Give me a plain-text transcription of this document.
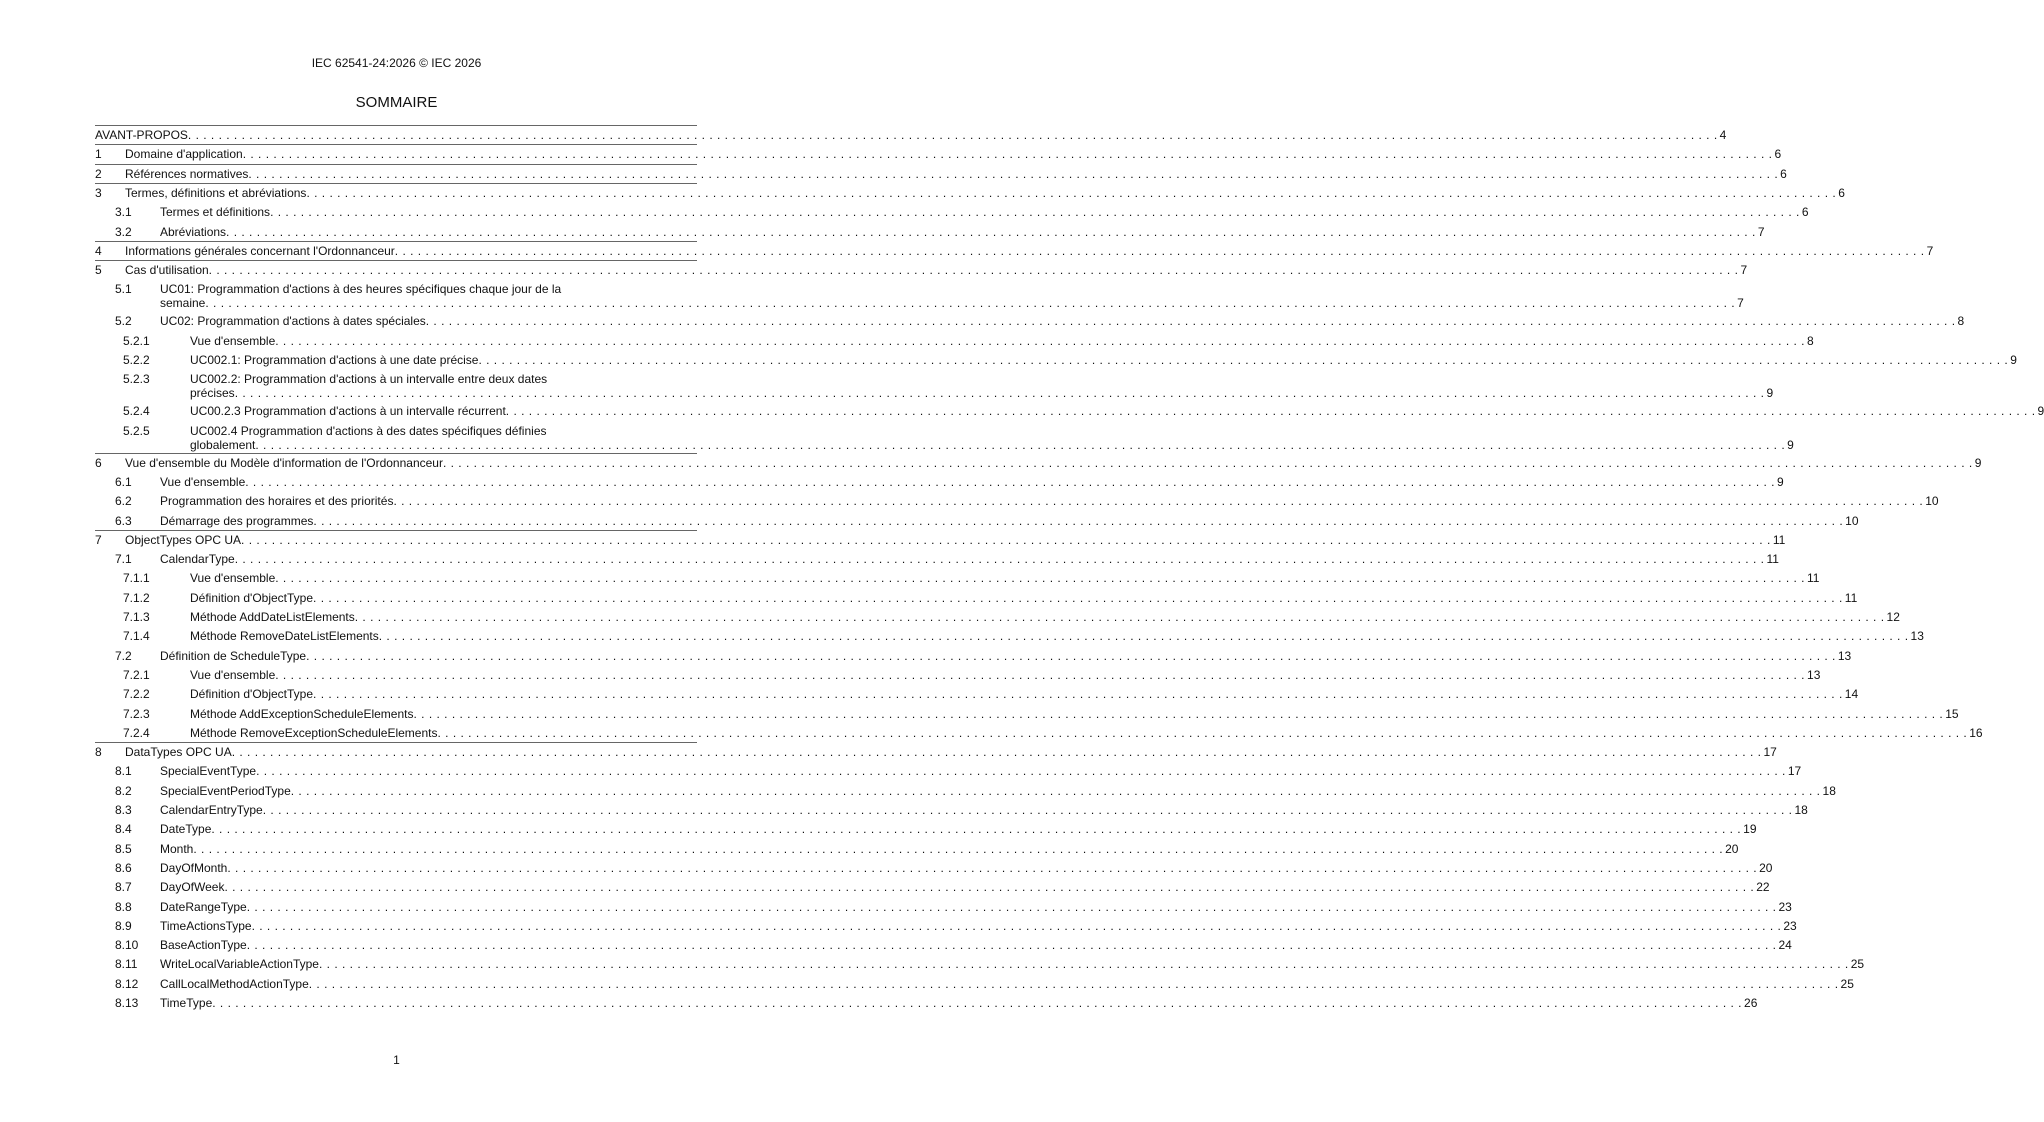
IEC 62541-24:2026 © IEC 2026
SOMMAIRE
AVANT-PROPOS . . . . . . . . . . . . . . . . . . . . . . . . . . . . . . . . . . . . . . . . . . . . . . . . . . . . . . . . . . . . . . . . . . . . . . . . . . . . . . . . . . . . . . . . . . . . . . . . . . . . . . . . . . . . . . . . . . . . . . . . . . . . . . . . . . . . . . . . . . . . . . . . . . . . . . . . . . . . . . . . . . . . . . . . . . . . . . . . . . . . . . . . . . . . . . . . . . . . . . . . 4
1 Domaine d'application . . . . . . . . . . . . . . . . . . . . . . . . . . . . . . . . . . . . . . . . . . . . . . . . . . . . . . . . . . . . . . . . . . . . . . . . . . . . . . . . . . . . . . . . . . . . . . . . . . . . . . . . . . . . . . . . . . . . . . . . . . . . . . . . . . . . . . . . . . . . . . . . . . . . . . . . . . . . . . . . . . . . . . . . . . . . . . . . . . . . . . . . . . . . . . . . . . . . . . . . 6
2 Références normatives . . . . . . . . . . . . . . . . . . . . . . . . . . . . . . . . . . . . . . . . . . . . . . . . . . . . . . . . . . . . . . . . . . . . . . . . . . . . . . . . . . . . . . . . . . . . . . . . . . . . . . . . . . . . . . . . . . . . . . . . . . . . . . . . . . . . . . . . . . . . . . . . . . . . . . . . . . . . . . . . . . . . . . . . . . . . . . . . . . . . . . . . . . . . . . . . . . . . . . . . 6
3 Termes, définitions et abréviations . . . . . . . . . . . . . . . . . . . . . . . . . . . . . . . . . . . . . . . . . . . . . . . . . . . . . . . . . . . . . . . . . . . . . . . . . . . . . . . . . . . . . . . . . . . . . . . . . . . . . . . . . . . . . . . . . . . . . . . . . . . . . . . . . . . . . . . . . . . . . . . . . . . . . . . . . . . . . . . . . . . . . . . . . . . . . . . . . . . . . . . . . . . . . . . . . . . . . . . . 6
3.1 Termes et définitions . . . . . . . . . . . . . . . . . . . . . . . . . . . . . . . . . . . . . . . . . . . . . . . . . . . . . . . . . . . . . . . . . . . . . . . . . . . . . . . . . . . . . . . . . . . . . . . . . . . . . . . . . . . . . . . . . . . . . . . . . . . . . . . . . . . . . . . . . . . . . . . . . . . . . . . . . . . . . . . . . . . . . . . . . . . . . . . . . . . . . . . . . . . . . . . . . . . . . . . . 6
3.2 Abréviations . . . . . . . . . . . . . . . . . . . . . . . . . . . . . . . . . . . . . . . . . . . . . . . . . . . . . . . . . . . . . . . . . . . . . . . . . . . . . . . . . . . . . . . . . . . . . . . . . . . . . . . . . . . . . . . . . . . . . . . . . . . . . . . . . . . . . . . . . . . . . . . . . . . . . . . . . . . . . . . . . . . . . . . . . . . . . . . . . . . . . . . . . . . . . . . . . . . . . . . . 7
4 Informations générales concernant l'Ordonnanceur . . . . . . . . . . . . . . . . . . . . . . . . . . . . . . . . . . . . . . . . . . . . . . . . . . . . . . . . . . . . . . . . . . . . . . . . . . . . . . . . . . . . . . . . . . . . . . . . . . . . . . . . . . . . . . . . . . . . . . . . . . . . . . . . . . . . . . . . . . . . . . . . . . . . . . . . . . . . . . . . . . . . . . . . . . . . . . . . . . . . . . . . . . . . . . . . . . . . . . . . 7
5 Cas d'utilisation . . . . . . . . . . . . . . . . . . . . . . . . . . . . . . . . . . . . . . . . . . . . . . . . . . . . . . . . . . . . . . . . . . . . . . . . . . . . . . . . . . . . . . . . . . . . . . . . . . . . . . . . . . . . . . . . . . . . . . . . . . . . . . . . . . . . . . . . . . . . . . . . . . . . . . . . . . . . . . . . . . . . . . . . . . . . . . . . . . . . . . . . . . . . . . . . . . . . . . . . 7
5.1 UC01: Programmation d'actions à des heures spécifiques chaque jour de la
semaine . . . . . . . . . . . . . . . . . . . . . . . . . . . . . . . . . . . . . . . . . . . . . . . . . . . . . . . . . . . . . . . . . . . . . . . . . . . . . . . . . . . . . . . . . . . . . . . . . . . . . . . . . . . . . . . . . . . . . . . . . . . . . . . . . . . . . . . . . . . . . . . . . . . . . . . . . . . . . . . . . . . . . . . . . . . . . . . . . . . . . . . . . . . . . . . . . . . . . . . . 7
5.2 UC02: Programmation d'actions à dates spéciales . . . . . . . . . . . . . . . . . . . . . . . . . . . . . . . . . . . . . . . . . . . . . . . . . . . . . . . . . . . . . . . . . . . . . . . . . . . . . . . . . . . . . . . . . . . . . . . . . . . . . . . . . . . . . . . . . . . . . . . . . . . . . . . . . . . . . . . . . . . . . . . . . . . . . . . . . . . . . . . . . . . . . . . . . . . . . . . . . . . . . . . . . . . . . . . . . . . . . . . . 8
5.2.1	Vue d'ensemble . . . . . . . . . . . . . . . . . . . . . . . . . . . . . . . . . . . . . . . . . . . . . . . . . . . . . . . . . . . . . . . . . . . . . . . . . . . . . . . . . . . . . . . . . . . . . . . . . . . . . . . . . . . . . . . . . . . . . . . . . . . . . . . . . . . . . . . . . . . . . . . . . . . . . . . . . . . . . . . . . . . . . . . . . . . . . . . . . . . . . . . . . . . . . . . . . . . . . . . . 8
5.2.2	UC002.1: Programmation d'actions à une date précise . . . . . . . . . . . . . . . . . . . . . . . . . . . . . . . . . . . . . . . . . . . . . . . . . . . . . . . . . . . . . . . . . . . . . . . . . . . . . . . . . . . . . . . . . . . . . . . . . . . . . . . . . . . . . . . . . . . . . . . . . . . . . . . . . . . . . . . . . . . . . . . . . . . . . . . . . . . . . . . . . . . . . . . . . . . . . . . . . . . . . . . . . . . . . . . . . . . . . . . . 9
5.2.3	UC002.2: Programmation d'actions à un intervalle entre deux dates
précises . . . . . . . . . . . . . . . . . . . . . . . . . . . . . . . . . . . . . . . . . . . . . . . . . . . . . . . . . . . . . . . . . . . . . . . . . . . . . . . . . . . . . . . . . . . . . . . . . . . . . . . . . . . . . . . . . . . . . . . . . . . . . . . . . . . . . . . . . . . . . . . . . . . . . . . . . . . . . . . . . . . . . . . . . . . . . . . . . . . . . . . . . . . . . . . . . . . . . . . . 9
5.2.4	UC00.2.3 Programmation d'actions à un intervalle récurrent . . . . . . . . . . . . . . . . . . . . . . . . . . . . . . . . . . . . . . . . . . . . . . . . . . . . . . . . . . . . . . . . . . . . . . . . . . . . . . . . . . . . . . . . . . . . . . . . . . . . . . . . . . . . . . . . . . . . . . . . . . . . . . . . . . . . . . . . . . . . . . . . . . . . . . . . . . . . . . . . . . . . . . . . . . . . . . . . . . . . . . . . . . . . . . . . . . . . . . . . 9
5.2.5	UC002.4 Programmation d'actions à des dates spécifiques définies
globalement . . . . . . . . . . . . . . . . . . . . . . . . . . . . . . . . . . . . . . . . . . . . . . . . . . . . . . . . . . . . . . . . . . . . . . . . . . . . . . . . . . . . . . . . . . . . . . . . . . . . . . . . . . . . . . . . . . . . . . . . . . . . . . . . . . . . . . . . . . . . . . . . . . . . . . . . . . . . . . . . . . . . . . . . . . . . . . . . . . . . . . . . . . . . . . . . . . . . . . . . 9
6 Vue d'ensemble du Modèle d'information de l'Ordonnanceur . . . . . . . . . . . . . . . . . . . . . . . . . . . . . . . . . . . . . . . . . . . . . . . . . . . . . . . . . . . . . . . . . . . . . . . . . . . . . . . . . . . . . . . . . . . . . . . . . . . . . . . . . . . . . . . . . . . . . . . . . . . . . . . . . . . . . . . . . . . . . . . . . . . . . . . . . . . . . . . . . . . . . . . . . . . . . . . . . . . . . . . . . . . . . . . . . . . . . . . . 9
6.1 Vue d'ensemble . . . . . . . . . . . . . . . . . . . . . . . . . . . . . . . . . . . . . . . . . . . . . . . . . . . . . . . . . . . . . . . . . . . . . . . . . . . . . . . . . . . . . . . . . . . . . . . . . . . . . . . . . . . . . . . . . . . . . . . . . . . . . . . . . . . . . . . . . . . . . . . . . . . . . . . . . . . . . . . . . . . . . . . . . . . . . . . . . . . . . . . . . . . . . . . . . . . . . . . . 9
6.2 Programmation des horaires et des priorités . . . . . . . . . . . . . . . . . . . . . . . . . . . . . . . . . . . . . . . . . . . . . . . . . . . . . . . . . . . . . . . . . . . . . . . . . . . . . . . . . . . . . . . . . . . . . . . . . . . . . . . . . . . . . . . . . . . . . . . . . . . . . . . . . . . . . . . . . . . . . . . . . . . . . . . . . . . . . . . . . . . . . . . . . . . . . . . . . . . . . . . . . . . . . . . . . . . . . . . . 10
6.3 Démarrage des programmes . . . . . . . . . . . . . . . . . . . . . . . . . . . . . . . . . . . . . . . . . . . . . . . . . . . . . . . . . . . . . . . . . . . . . . . . . . . . . . . . . . . . . . . . . . . . . . . . . . . . . . . . . . . . . . . . . . . . . . . . . . . . . . . . . . . . . . . . . . . . . . . . . . . . . . . . . . . . . . . . . . . . . . . . . . . . . . . . . . . . . . . . . . . . . . . . . . . . . . . . 10
7 ObjectTypes OPC UA . . . . . . . . . . . . . . . . . . . . . . . . . . . . . . . . . . . . . . . . . . . . . . . . . . . . . . . . . . . . . . . . . . . . . . . . . . . . . . . . . . . . . . . . . . . . . . . . . . . . . . . . . . . . . . . . . . . . . . . . . . . . . . . . . . . . . . . . . . . . . . . . . . . . . . . . . . . . . . . . . . . . . . . . . . . . . . . . . . . . . . . . . . . . . . . . . . . . . . . . 11
7.1 CalendarType . . . . . . . . . . . . . . . . . . . . . . . . . . . . . . . . . . . . . . . . . . . . . . . . . . . . . . . . . . . . . . . . . . . . . . . . . . . . . . . . . . . . . . . . . . . . . . . . . . . . . . . . . . . . . . . . . . . . . . . . . . . . . . . . . . . . . . . . . . . . . . . . . . . . . . . . . . . . . . . . . . . . . . . . . . . . . . . . . . . . . . . . . . . . . . . . . . . . . . . . 11
7.1.1	Vue d'ensemble . . . . . . . . . . . . . . . . . . . . . . . . . . . . . . . . . . . . . . . . . . . . . . . . . . . . . . . . . . . . . . . . . . . . . . . . . . . . . . . . . . . . . . . . . . . . . . . . . . . . . . . . . . . . . . . . . . . . . . . . . . . . . . . . . . . . . . . . . . . . . . . . . . . . . . . . . . . . . . . . . . . . . . . . . . . . . . . . . . . . . . . . . . . . . . . . . . . . . . . . 11
7.1.2	Définition d'ObjectType . . . . . . . . . . . . . . . . . . . . . . . . . . . . . . . . . . . . . . . . . . . . . . . . . . . . . . . . . . . . . . . . . . . . . . . . . . . . . . . . . . . . . . . . . . . . . . . . . . . . . . . . . . . . . . . . . . . . . . . . . . . . . . . . . . . . . . . . . . . . . . . . . . . . . . . . . . . . . . . . . . . . . . . . . . . . . . . . . . . . . . . . . . . . . . . . . . . . . . . . 11
7.1.3	Méthode AddDateListElements . . . . . . . . . . . . . . . . . . . . . . . . . . . . . . . . . . . . . . . . . . . . . . . . . . . . . . . . . . . . . . . . . . . . . . . . . . . . . . . . . . . . . . . . . . . . . . . . . . . . . . . . . . . . . . . . . . . . . . . . . . . . . . . . . . . . . . . . . . . . . . . . . . . . . . . . . . . . . . . . . . . . . . . . . . . . . . . . . . . . . . . . . . . . . . . . . . . . . . . . 12
7.1.4	Méthode RemoveDateListElements . . . . . . . . . . . . . . . . . . . . . . . . . . . . . . . . . . . . . . . . . . . . . . . . . . . . . . . . . . . . . . . . . . . . . . . . . . . . . . . . . . . . . . . . . . . . . . . . . . . . . . . . . . . . . . . . . . . . . . . . . . . . . . . . . . . . . . . . . . . . . . . . . . . . . . . . . . . . . . . . . . . . . . . . . . . . . . . . . . . . . . . . . . . . . . . . . . . . . . . . 13
7.2 Définition de ScheduleType . . . . . . . . . . . . . . . . . . . . . . . . . . . . . . . . . . . . . . . . . . . . . . . . . . . . . . . . . . . . . . . . . . . . . . . . . . . . . . . . . . . . . . . . . . . . . . . . . . . . . . . . . . . . . . . . . . . . . . . . . . . . . . . . . . . . . . . . . . . . . . . . . . . . . . . . . . . . . . . . . . . . . . . . . . . . . . . . . . . . . . . . . . . . . . . . . . . . . . . . 13
7.2.1	Vue d'ensemble . . . . . . . . . . . . . . . . . . . . . . . . . . . . . . . . . . . . . . . . . . . . . . . . . . . . . . . . . . . . . . . . . . . . . . . . . . . . . . . . . . . . . . . . . . . . . . . . . . . . . . . . . . . . . . . . . . . . . . . . . . . . . . . . . . . . . . . . . . . . . . . . . . . . . . . . . . . . . . . . . . . . . . . . . . . . . . . . . . . . . . . . . . . . . . . . . . . . . . . . 13
7.2.2	Définition d'ObjectType . . . . . . . . . . . . . . . . . . . . . . . . . . . . . . . . . . . . . . . . . . . . . . . . . . . . . . . . . . . . . . . . . . . . . . . . . . . . . . . . . . . . . . . . . . . . . . . . . . . . . . . . . . . . . . . . . . . . . . . . . . . . . . . . . . . . . . . . . . . . . . . . . . . . . . . . . . . . . . . . . . . . . . . . . . . . . . . . . . . . . . . . . . . . . . . . . . . . . . . . 14
7.2.3	Méthode AddExceptionScheduleElements . . . . . . . . . . . . . . . . . . . . . . . . . . . . . . . . . . . . . . . . . . . . . . . . . . . . . . . . . . . . . . . . . . . . . . . . . . . . . . . . . . . . . . . . . . . . . . . . . . . . . . . . . . . . . . . . . . . . . . . . . . . . . . . . . . . . . . . . . . . . . . . . . . . . . . . . . . . . . . . . . . . . . . . . . . . . . . . . . . . . . . . . . . . . . . . . . . . . . . . . 15
7.2.4	Méthode RemoveExceptionScheduleElements . . . . . . . . . . . . . . . . . . . . . . . . . . . . . . . . . . . . . . . . . . . . . . . . . . . . . . . . . . . . . . . . . . . . . . . . . . . . . . . . . . . . . . . . . . . . . . . . . . . . . . . . . . . . . . . . . . . . . . . . . . . . . . . . . . . . . . . . . . . . . . . . . . . . . . . . . . . . . . . . . . . . . . . . . . . . . . . . . . . . . . . . . . . . . . . . . . . . . . . . 16
8 DataTypes OPC UA . . . . . . . . . . . . . . . . . . . . . . . . . . . . . . . . . . . . . . . . . . . . . . . . . . . . . . . . . . . . . . . . . . . . . . . . . . . . . . . . . . . . . . . . . . . . . . . . . . . . . . . . . . . . . . . . . . . . . . . . . . . . . . . . . . . . . . . . . . . . . . . . . . . . . . . . . . . . . . . . . . . . . . . . . . . . . . . . . . . . . . . . . . . . . . . . . . . . . . . . 17
8.1 SpecialEventType . . . . . . . . . . . . . . . . . . . . . . . . . . . . . . . . . . . . . . . . . . . . . . . . . . . . . . . . . . . . . . . . . . . . . . . . . . . . . . . . . . . . . . . . . . . . . . . . . . . . . . . . . . . . . . . . . . . . . . . . . . . . . . . . . . . . . . . . . . . . . . . . . . . . . . . . . . . . . . . . . . . . . . . . . . . . . . . . . . . . . . . . . . . . . . . . . . . . . . . . 17
8.2 SpecialEventPeriodType . . . . . . . . . . . . . . . . . . . . . . . . . . . . . . . . . . . . . . . . . . . . . . . . . . . . . . . . . . . . . . . . . . . . . . . . . . . . . . . . . . . . . . . . . . . . . . . . . . . . . . . . . . . . . . . . . . . . . . . . . . . . . . . . . . . . . . . . . . . . . . . . . . . . . . . . . . . . . . . . . . . . . . . . . . . . . . . . . . . . . . . . . . . . . . . . . . . . . . . . 18
8.3 CalendarEntryType . . . . . . . . . . . . . . . . . . . . . . . . . . . . . . . . . . . . . . . . . . . . . . . . . . . . . . . . . . . . . . . . . . . . . . . . . . . . . . . . . . . . . . . . . . . . . . . . . . . . . . . . . . . . . . . . . . . . . . . . . . . . . . . . . . . . . . . . . . . . . . . . . . . . . . . . . . . . . . . . . . . . . . . . . . . . . . . . . . . . . . . . . . . . . . . . . . . . . . . . 18
8.4 DateType . . . . . . . . . . . . . . . . . . . . . . . . . . . . . . . . . . . . . . . . . . . . . . . . . . . . . . . . . . . . . . . . . . . . . . . . . . . . . . . . . . . . . . . . . . . . . . . . . . . . . . . . . . . . . . . . . . . . . . . . . . . . . . . . . . . . . . . . . . . . . . . . . . . . . . . . . . . . . . . . . . . . . . . . . . . . . . . . . . . . . . . . . . . . . . . . . . . . . . . . 19
8.5 Month . . . . . . . . . . . . . . . . . . . . . . . . . . . . . . . . . . . . . . . . . . . . . . . . . . . . . . . . . . . . . . . . . . . . . . . . . . . . . . . . . . . . . . . . . . . . . . . . . . . . . . . . . . . . . . . . . . . . . . . . . . . . . . . . . . . . . . . . . . . . . . . . . . . . . . . . . . . . . . . . . . . . . . . . . . . . . . . . . . . . . . . . . . . . . . . . . . . . . . . . 20
8.6 DayOfMonth . . . . . . . . . . . . . . . . . . . . . . . . . . . . . . . . . . . . . . . . . . . . . . . . . . . . . . . . . . . . . . . . . . . . . . . . . . . . . . . . . . . . . . . . . . . . . . . . . . . . . . . . . . . . . . . . . . . . . . . . . . . . . . . . . . . . . . . . . . . . . . . . . . . . . . . . . . . . . . . . . . . . . . . . . . . . . . . . . . . . . . . . . . . . . . . . . . . . . . . . 20
8.7 DayOfWeek . . . . . . . . . . . . . . . . . . . . . . . . . . . . . . . . . . . . . . . . . . . . . . . . . . . . . . . . . . . . . . . . . . . . . . . . . . . . . . . . . . . . . . . . . . . . . . . . . . . . . . . . . . . . . . . . . . . . . . . . . . . . . . . . . . . . . . . . . . . . . . . . . . . . . . . . . . . . . . . . . . . . . . . . . . . . . . . . . . . . . . . . . . . . . . . . . . . . . . . . 22
8.8 DateRangeType . . . . . . . . . . . . . . . . . . . . . . . . . . . . . . . . . . . . . . . . . . . . . . . . . . . . . . . . . . . . . . . . . . . . . . . . . . . . . . . . . . . . . . . . . . . . . . . . . . . . . . . . . . . . . . . . . . . . . . . . . . . . . . . . . . . . . . . . . . . . . . . . . . . . . . . . . . . . . . . . . . . . . . . . . . . . . . . . . . . . . . . . . . . . . . . . . . . . . . . . 23
8.9 TimeActionsType . . . . . . . . . . . . . . . . . . . . . . . . . . . . . . . . . . . . . . . . . . . . . . . . . . . . . . . . . . . . . . . . . . . . . . . . . . . . . . . . . . . . . . . . . . . . . . . . . . . . . . . . . . . . . . . . . . . . . . . . . . . . . . . . . . . . . . . . . . . . . . . . . . . . . . . . . . . . . . . . . . . . . . . . . . . . . . . . . . . . . . . . . . . . . . . . . . . . . . . . 23
8.10 BaseActionType . . . . . . . . . . . . . . . . . . . . . . . . . . . . . . . . . . . . . . . . . . . . . . . . . . . . . . . . . . . . . . . . . . . . . . . . . . . . . . . . . . . . . . . . . . . . . . . . . . . . . . . . . . . . . . . . . . . . . . . . . . . . . . . . . . . . . . . . . . . . . . . . . . . . . . . . . . . . . . . . . . . . . . . . . . . . . . . . . . . . . . . . . . . . . . . . . . . . . . . . 24
8.11 WriteLocalVariableActionType . . . . . . . . . . . . . . . . . . . . . . . . . . . . . . . . . . . . . . . . . . . . . . . . . . . . . . . . . . . . . . . . . . . . . . . . . . . . . . . . . . . . . . . . . . . . . . . . . . . . . . . . . . . . . . . . . . . . . . . . . . . . . . . . . . . . . . . . . . . . . . . . . . . . . . . . . . . . . . . . . . . . . . . . . . . . . . . . . . . . . . . . . . . . . . . . . . . . . . . . 25
8.12 CallLocalMethodActionType . . . . . . . . . . . . . . . . . . . . . . . . . . . . . . . . . . . . . . . . . . . . . . . . . . . . . . . . . . . . . . . . . . . . . . . . . . . . . . . . . . . . . . . . . . . . . . . . . . . . . . . . . . . . . . . . . . . . . . . . . . . . . . . . . . . . . . . . . . . . . . . . . . . . . . . . . . . . . . . . . . . . . . . . . . . . . . . . . . . . . . . . . . . . . . . . . . . . . . . . 25
8.13 TimeType . . . . . . . . . . . . . . . . . . . . . . . . . . . . . . . . . . . . . . . . . . . . . . . . . . . . . . . . . . . . . . . . . . . . . . . . . . . . . . . . . . . . . . . . . . . . . . . . . . . . . . . . . . . . . . . . . . . . . . . . . . . . . . . . . . . . . . . . . . . . . . . . . . . . . . . . . . . . . . . . . . . . . . . . . . . . . . . . . . . . . . . . . . . . . . . . . . . . . . . . 26
1
